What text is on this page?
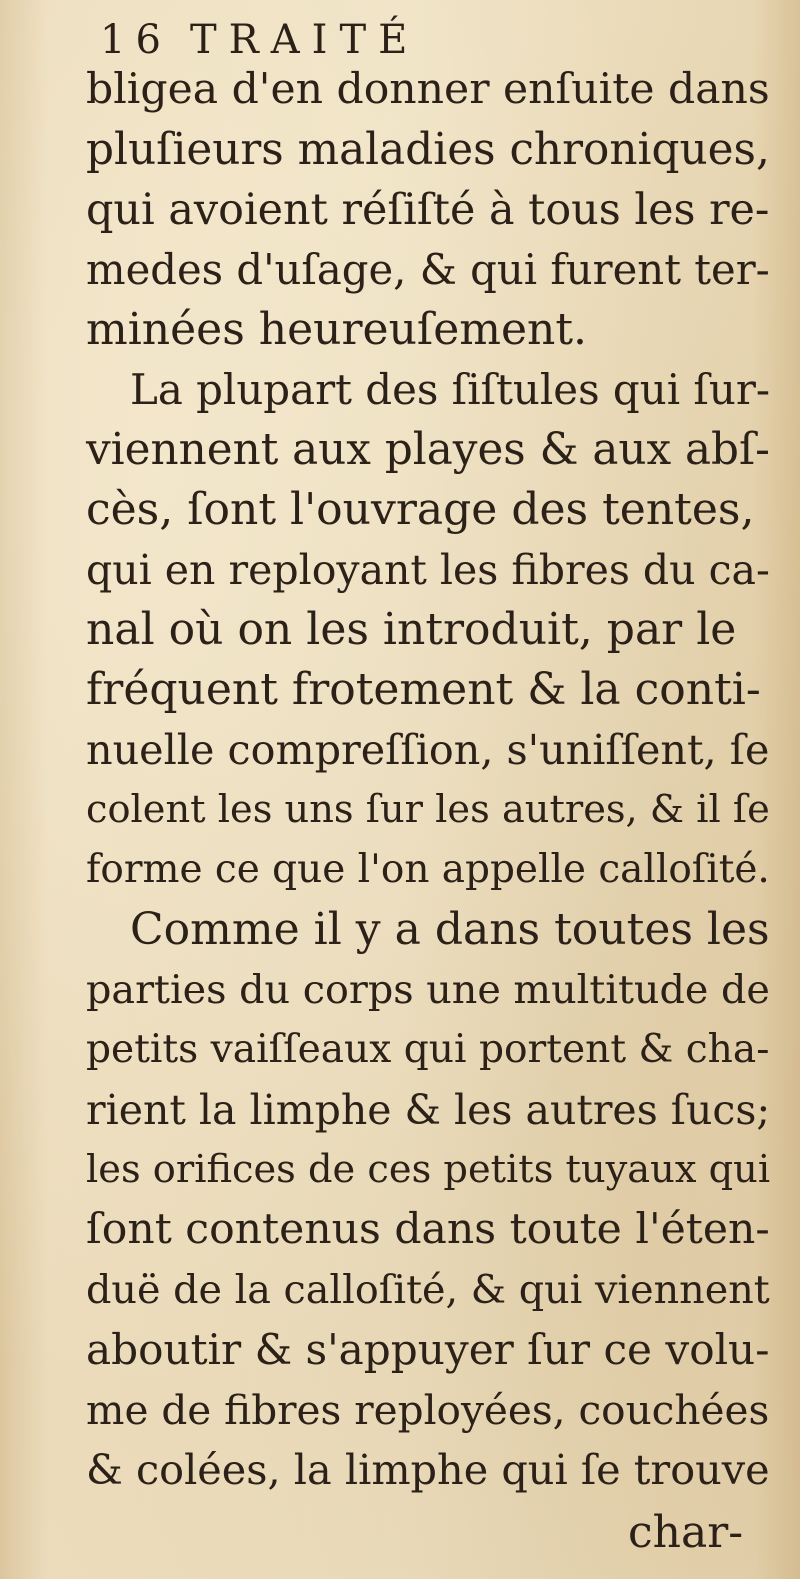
16 TRAITÉ
bligea d'en donner enſuite dans
pluſieurs maladies chroniques,
qui avoient réſiſté à tous les re-
medes d'uſage, & qui furent ter-
minées heureuſement.
La plupart des ſiſtules qui ſur-
viennent aux playes & aux abſ-
cès, ſont l'ouvrage des tentes,
qui en reployant les fibres du ca-
nal où on les introduit, par le
fréquent frotement & la conti-
nuelle compreſſion, s'uniſſent, ſe
colent les uns ſur les autres, & il ſe
forme ce que l'on appelle calloſité.
Comme il y a dans toutes les
parties du corps une multitude de
petits vaiſſeaux qui portent & cha-
rient la limphe & les autres ſucs;
les orifices de ces petits tuyaux qui
ſont contenus dans toute l'éten-
duë de la calloſité, & qui viennent
aboutir & s'appuyer ſur ce volu-
me de fibres reployées, couchées
& colées, la limphe qui ſe trouve
char-
